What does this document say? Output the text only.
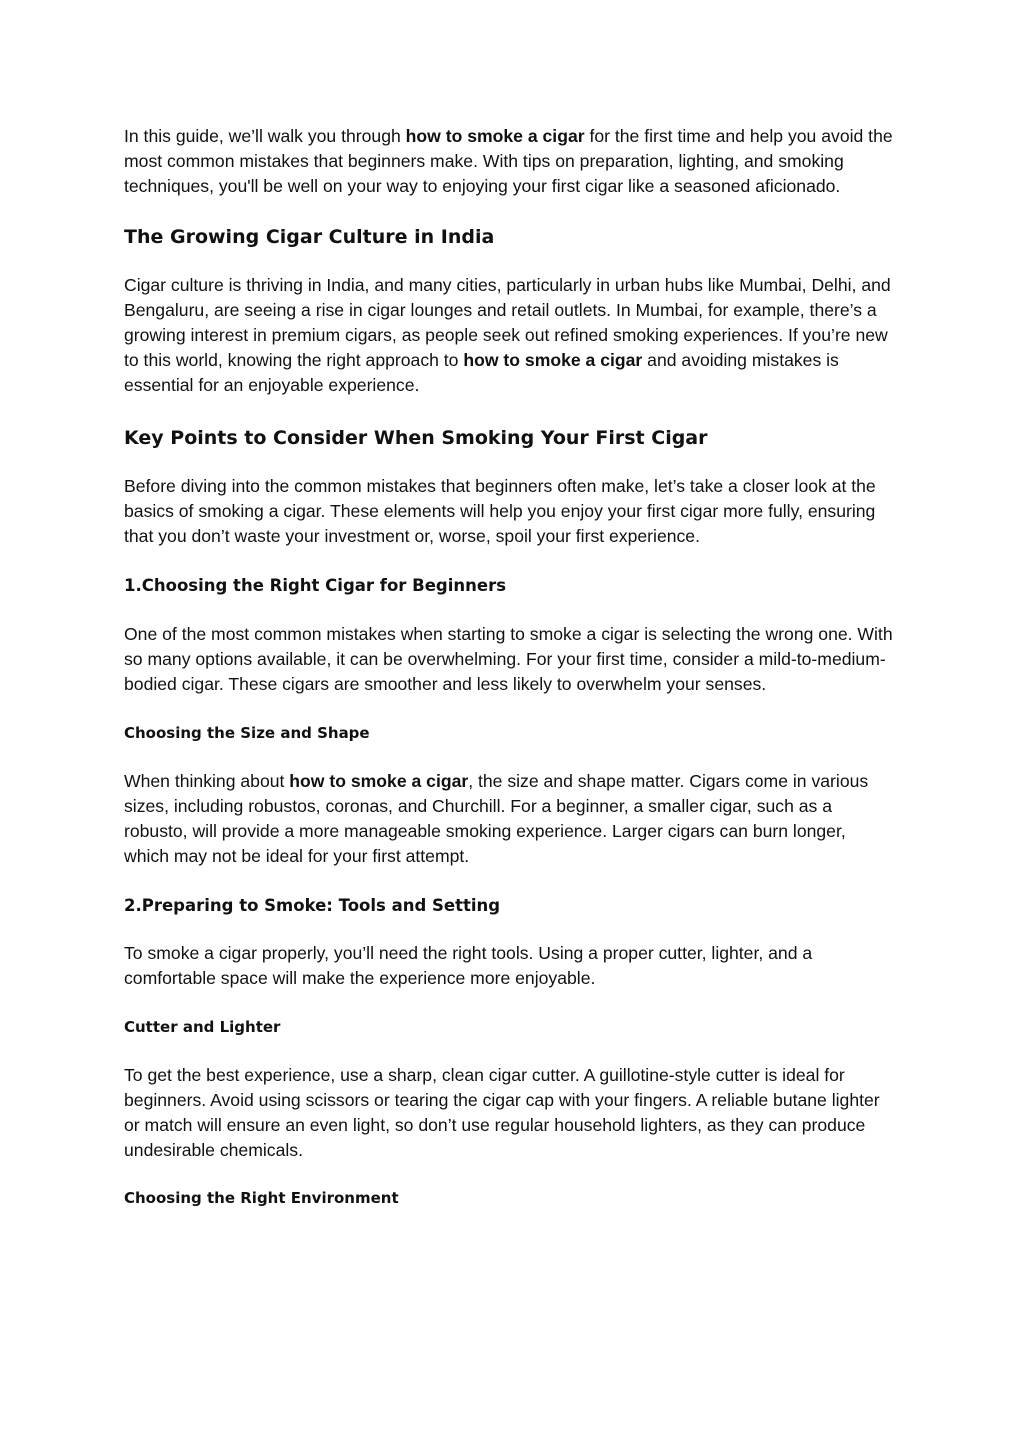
In this guide, we’ll walk you through how to smoke a cigar for the first time and help you avoid the most common mistakes that beginners make. With tips on preparation, lighting, and smoking techniques, you'll be well on your way to enjoying your first cigar like a seasoned aficionado.

The Growing Cigar Culture in India

Cigar culture is thriving in India, and many cities, particularly in urban hubs like Mumbai, Delhi, and Bengaluru, are seeing a rise in cigar lounges and retail outlets. In Mumbai, for example, there’s a growing interest in premium cigars, as people seek out refined smoking experiences. If you’re new to this world, knowing the right approach to how to smoke a cigar and avoiding mistakes is essential for an enjoyable experience.

Key Points to Consider When Smoking Your First Cigar

Before diving into the common mistakes that beginners often make, let’s take a closer look at the basics of smoking a cigar. These elements will help you enjoy your first cigar more fully, ensuring that you don’t waste your investment or, worse, spoil your first experience.

1.Choosing the Right Cigar for Beginners

One of the most common mistakes when starting to smoke a cigar is selecting the wrong one. With so many options available, it can be overwhelming. For your first time, consider a mild-to-medium-bodied cigar. These cigars are smoother and less likely to overwhelm your senses.

Choosing the Size and Shape

When thinking about how to smoke a cigar, the size and shape matter. Cigars come in various sizes, including robustos, coronas, and Churchill. For a beginner, a smaller cigar, such as a robusto, will provide a more manageable smoking experience. Larger cigars can burn longer, which may not be ideal for your first attempt.

2.Preparing to Smoke: Tools and Setting

To smoke a cigar properly, you’ll need the right tools. Using a proper cutter, lighter, and a comfortable space will make the experience more enjoyable.

Cutter and Lighter

To get the best experience, use a sharp, clean cigar cutter. A guillotine-style cutter is ideal for beginners. Avoid using scissors or tearing the cigar cap with your fingers. A reliable butane lighter or match will ensure an even light, so don’t use regular household lighters, as they can produce undesirable chemicals.

Choosing the Right Environment
